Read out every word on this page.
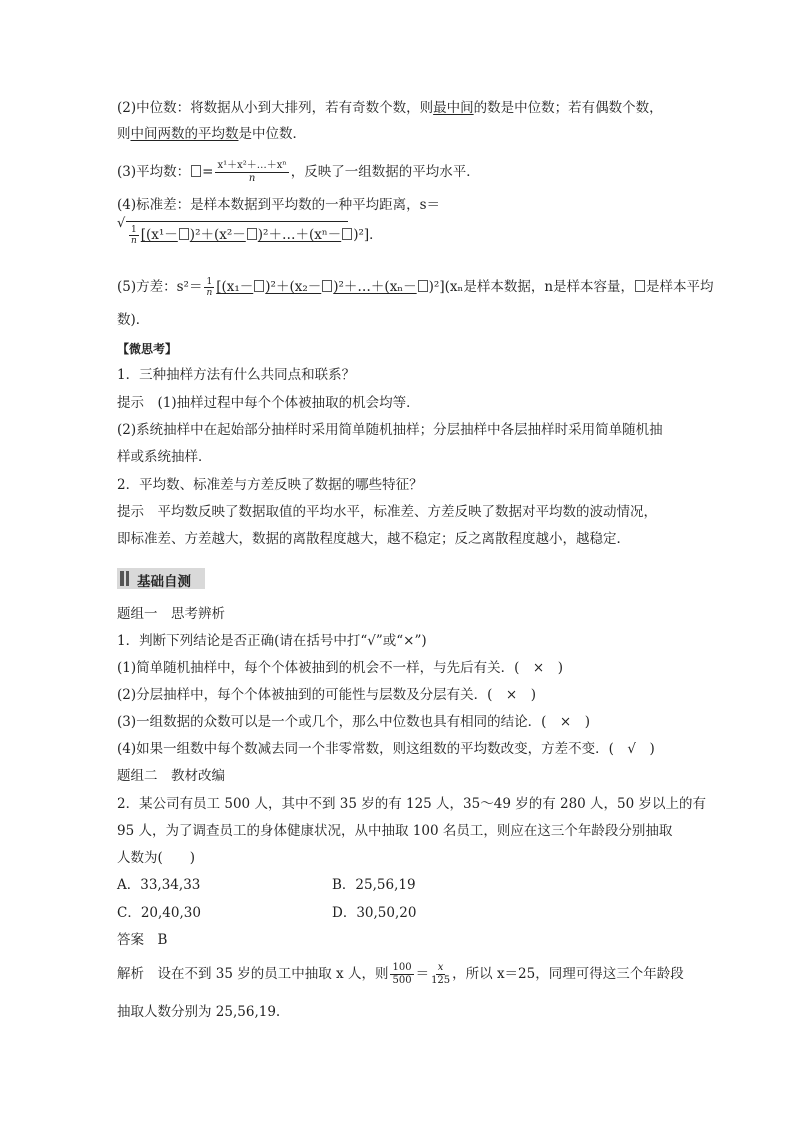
(2)中位数：将数据从小到大排列，若有奇数个数，则最中间的数是中位数；若有偶数个数，
则中间两数的平均数是中位数．
(3)平均数： = $\frac{\text{x¹＋x²＋…＋xⁿ}}{n}$ ，反映了一组数据的平均水平．
(4)标准差：是样本数据到平均数的一种平均距离，s＝
√
$\frac{1}{n} [(x^1- )^2+(x^2-$ )²＋…＋(xⁿ－ )²]．
(5)方差：$s^2= \frac{1}{n} [(x_1- )^2+(x_2-$ )²＋…＋(xₙ－ )²](xₙ是样本数据，n是样本容量， 是样本平均
数)．
【微思考】
1．三种抽样方法有什么共同点和联系？
提示　(1)抽样过程中每个个体被抽取的机会均等．
(2)系统抽样中在起始部分抽样时采用简单随机抽样；分层抽样中各层抽样时采用简单随机抽
样或系统抽样．
2．平均数、标准差与方差反映了数据的哪些特征？
提示　平均数反映了数据取值的平均水平，标准差、方差反映了数据对平均数的波动情况，
即标准差、方差越大，数据的离散程度越大，越不稳定；反之离散程度越小，越稳定．
基础自测
题组一　思考辨析
1．判断下列结论是否正确(请在括号中打“√”或“×”)
(1)简单随机抽样中，每个个体被抽到的机会不一样，与先后有关．(　×　)
(2)分层抽样中，每个个体被抽到的可能性与层数及分层有关．(　×　)
(3)一组数据的众数可以是一个或几个，那么中位数也具有相同的结论．(　×　)
(4)如果一组数中每个数减去同一个非零常数，则这组数的平均数改变，方差不变．(　√　)
题组二　教材改编
2．某公司有员工 500 人，其中不到 35 岁的有 125 人，35～49 岁的有 280 人，50 岁以上的有
95 人，为了调查员工的身体健康状况，从中抽取 100 名员工，则应在这三个年龄段分别抽取
人数为(　　)
A．33,34,33	B．25,56,19
C．20,40,30	D．30,50,20
答案　B
解析　设在不到 35 岁的员工中抽取 x 人，则 $\frac{100}{500} = \frac{x}{125}$ ，所以 x＝25，同理可得这三个年龄段
抽取人数分别为 25,56,19.
